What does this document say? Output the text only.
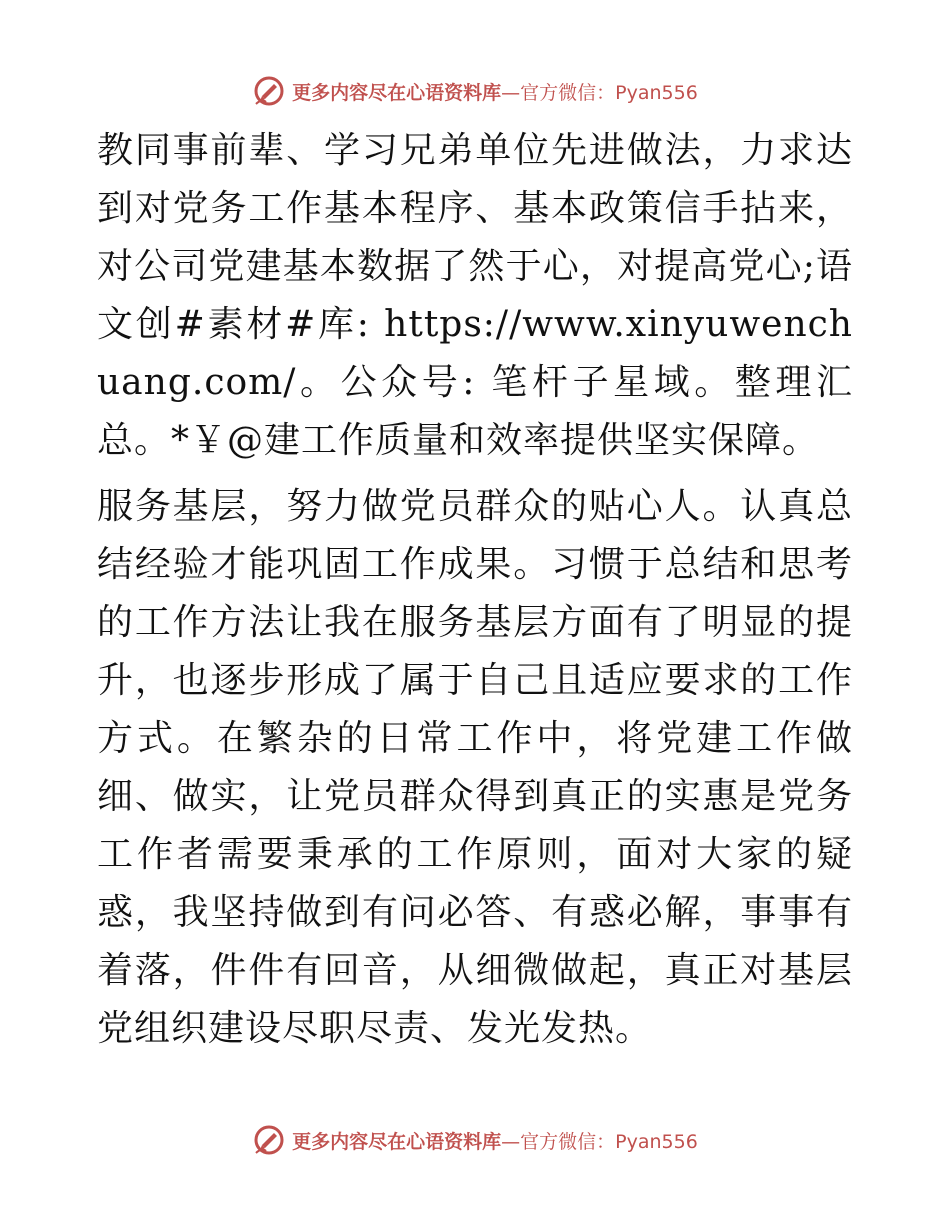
更多内容尽在心语资料库 —官方微信：Pyan556

教同事前辈、学习兄弟单位先进做法，力求达到对党务工作基本程序、基本政策信手拈来，对公司党建基本数据了然于心，对提高党心;语文创#素材#库: https://www.xinyuwenchuang.com/。公众号: 笔杆子星域。整理汇总。*￥@建工作质量和效率提供坚实保障。

服务基层，努力做党员群众的贴心人。认真总结经验才能巩固工作成果。习惯于总结和思考的工作方法让我在服务基层方面有了明显的提升，也逐步形成了属于自己且适应要求的工作方式。在繁杂的日常工作中，将党建工作做细、做实，让党员群众得到真正的实惠是党务工作者需要秉承的工作原则，面对大家的疑惑，我坚持做到有问必答、有惑必解，事事有着落，件件有回音，从细微做起，真正对基层党组织建设尽职尽责、发光发热。

更多内容尽在心语资料库 —官方微信：Pyan556
